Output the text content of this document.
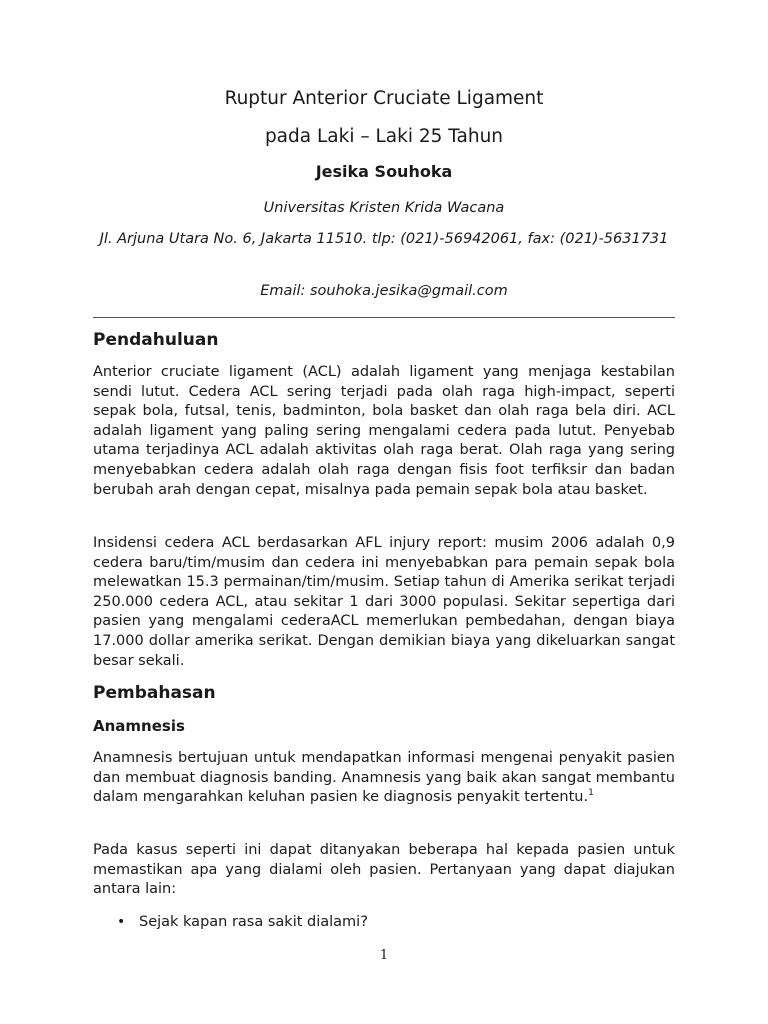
Ruptur Anterior Cruciate Ligament
pada Laki – Laki 25 Tahun

Jesika Souhoka

Universitas Kristen Krida Wacana

Jl. Arjuna Utara No. 6, Jakarta 11510. tlp: (021)-56942061, fax: (021)-5631731

Email: souhoka.jesika@gmail.com

Pendahuluan

Anterior cruciate ligament (ACL) adalah ligament yang menjaga kestabilan sendi lutut. Cedera ACL sering terjadi pada olah raga high-impact, seperti sepak bola, futsal, tenis, badminton, bola basket dan olah raga bela diri. ACL adalah ligament yang paling sering mengalami cedera pada lutut. Penyebab utama terjadinya ACL adalah aktivitas olah raga berat. Olah raga yang sering menyebabkan cedera adalah olah raga dengan fisis foot terfiksir dan badan berubah arah dengan cepat, misalnya pada pemain sepak bola atau basket.

Insidensi cedera ACL berdasarkan AFL injury report: musim 2006 adalah 0,9 cedera baru/tim/musim dan cedera ini menyebabkan para pemain sepak bola melewatkan 15.3 permainan/tim/musim. Setiap tahun di Amerika serikat terjadi 250.000 cedera ACL, atau sekitar 1 dari 3000 populasi. Sekitar sepertiga dari pasien yang mengalami cederaACL memerlukan pembedahan, dengan biaya 17.000 dollar amerika serikat. Dengan demikian biaya yang dikeluarkan sangat besar sekali.

Pembahasan
Anamnesis

Anamnesis bertujuan untuk mendapatkan informasi mengenai penyakit pasien dan membuat diagnosis banding. Anamnesis yang baik akan sangat membantu dalam mengarahkan keluhan pasien ke diagnosis penyakit tertentu.$^1$

Pada kasus seperti ini dapat ditanyakan beberapa hal kepada pasien untuk memastikan apa yang dialami oleh pasien. Pertanyaan yang dapat diajukan antara lain:

• Sejak kapan rasa sakit dialami?
1
